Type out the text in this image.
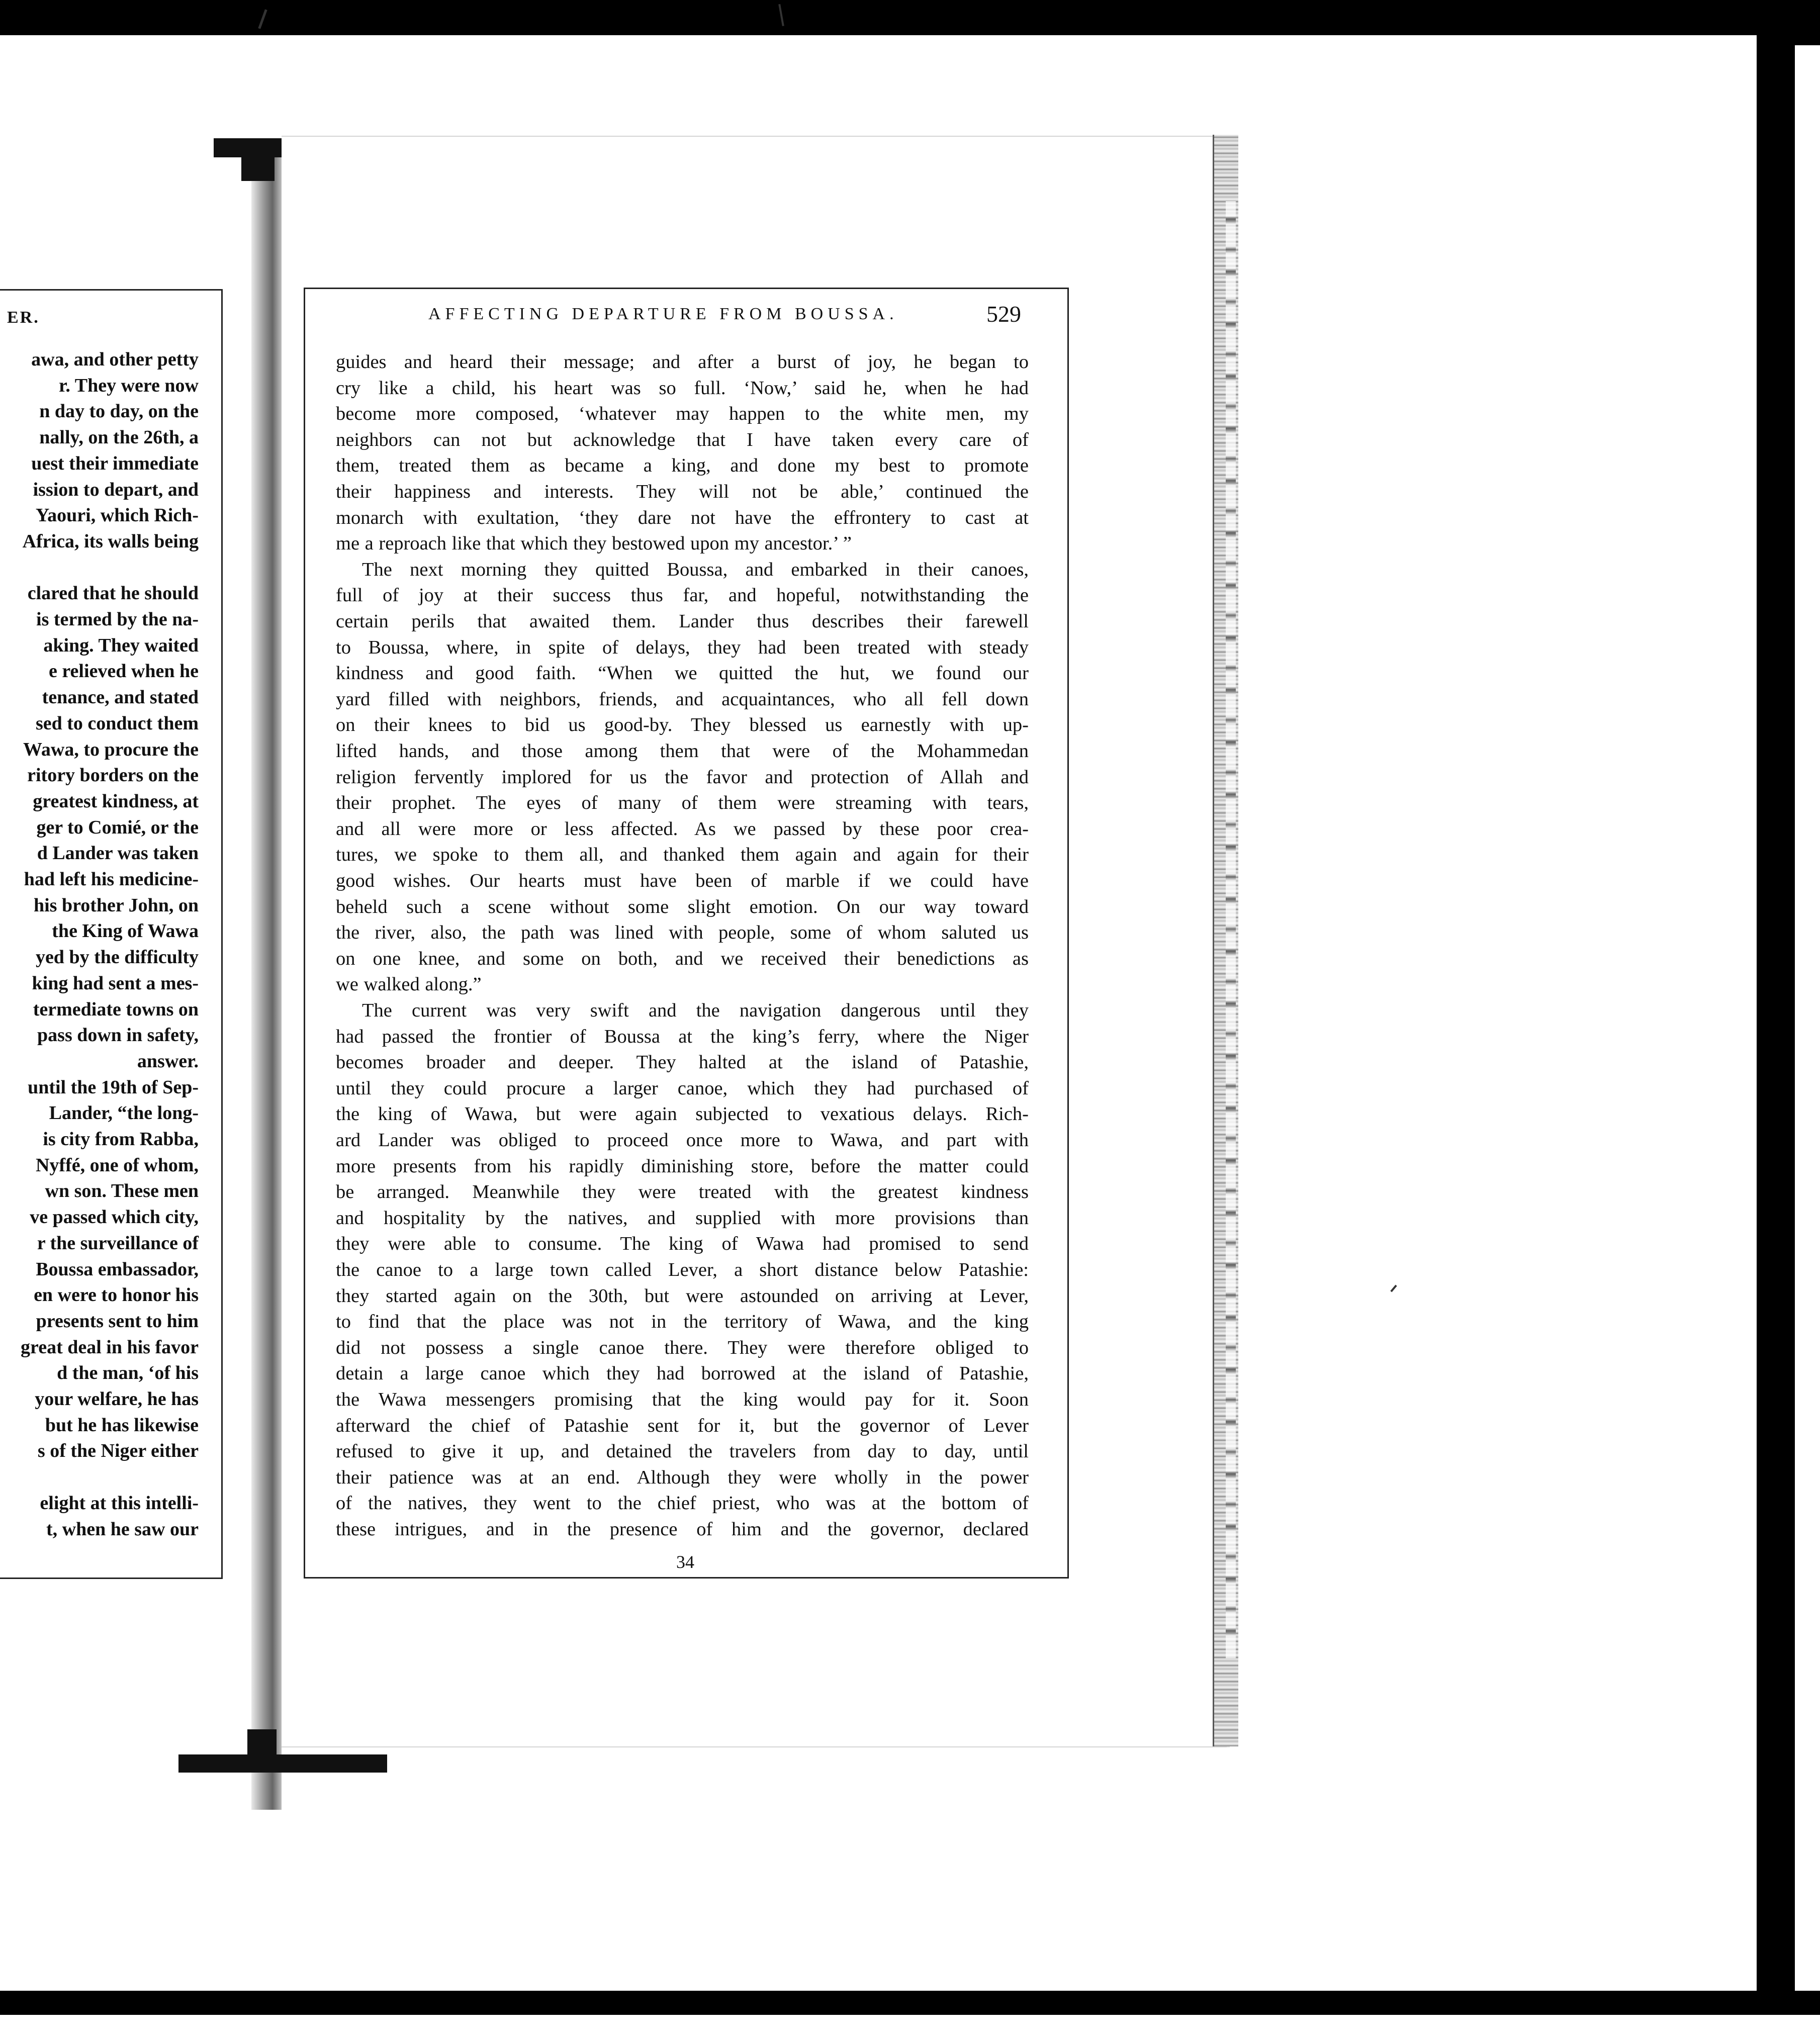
ER.
awa, and other petty
r. They were now
n day to day, on the
nally, on the 26th, a
uest their immediate
ission to depart, and
Yaouri, which Rich-
Africa, its walls being
clared that he should
is termed by the na-
aking. They waited
e relieved when he
tenance, and stated
sed to conduct them
Wawa, to procure the
ritory borders on the
greatest kindness, at
ger to Comié, or the
d Lander was taken
had left his medicine-
his brother John, on
the King of Wawa
yed by the difficulty
king had sent a mes-
termediate towns on
pass down in safety,
answer.
until the 19th of Sep-
Lander, “the long-
is city from Rabba,
Nyffé, one of whom,
wn son. These men
ve passed which city,
r the surveillance of
Boussa embassador,
en were to honor his
presents sent to him
great deal in his favor
d the man, ‘of his
your welfare, he has
but he has likewise
s of the Niger either
elight at this intelli-
t, when he saw our
AFFECTING DEPARTURE FROM BOUSSA.	529
guides and heard their message; and after a burst of joy, he began to
cry like a child, his heart was so full. ‘Now,’ said he, when he had
become more composed, ‘whatever may happen to the white men, my
neighbors can not but acknowledge that I have taken every care of
them, treated them as became a king, and done my best to promote
their happiness and interests. They will not be able,’ continued the
monarch with exultation, ‘they dare not have the effrontery to cast at
me a reproach like that which they bestowed upon my ancestor.’ ”
The next morning they quitted Boussa, and embarked in their canoes,
full of joy at their success thus far, and hopeful, notwithstanding the
certain perils that awaited them. Lander thus describes their farewell
to Boussa, where, in spite of delays, they had been treated with steady
kindness and good faith. “When we quitted the hut, we found our
yard filled with neighbors, friends, and acquaintances, who all fell down
on their knees to bid us good-by. They blessed us earnestly with up-
lifted hands, and those among them that were of the Mohammedan
religion fervently implored for us the favor and protection of Allah and
their prophet. The eyes of many of them were streaming with tears,
and all were more or less affected. As we passed by these poor crea-
tures, we spoke to them all, and thanked them again and again for their
good wishes. Our hearts must have been of marble if we could have
beheld such a scene without some slight emotion. On our way toward
the river, also, the path was lined with people, some of whom saluted us
on one knee, and some on both, and we received their benedictions as
we walked along.”
The current was very swift and the navigation dangerous until they
had passed the frontier of Boussa at the king’s ferry, where the Niger
becomes broader and deeper. They halted at the island of Patashie,
until they could procure a larger canoe, which they had purchased of
the king of Wawa, but were again subjected to vexatious delays. Rich-
ard Lander was obliged to proceed once more to Wawa, and part with
more presents from his rapidly diminishing store, before the matter could
be arranged. Meanwhile they were treated with the greatest kindness
and hospitality by the natives, and supplied with more provisions than
they were able to consume. The king of Wawa had promised to send
the canoe to a large town called Lever, a short distance below Patashie:
they started again on the 30th, but were astounded on arriving at Lever,
to find that the place was not in the territory of Wawa, and the king
did not possess a single canoe there. They were therefore obliged to
detain a large canoe which they had borrowed at the island of Patashie,
the Wawa messengers promising that the king would pay for it. Soon
afterward the chief of Patashie sent for it, but the governor of Lever
refused to give it up, and detained the travelers from day to day, until
their patience was at an end. Although they were wholly in the power
of the natives, they went to the chief priest, who was at the bottom of
these intrigues, and in the presence of him and the governor, declared
34
